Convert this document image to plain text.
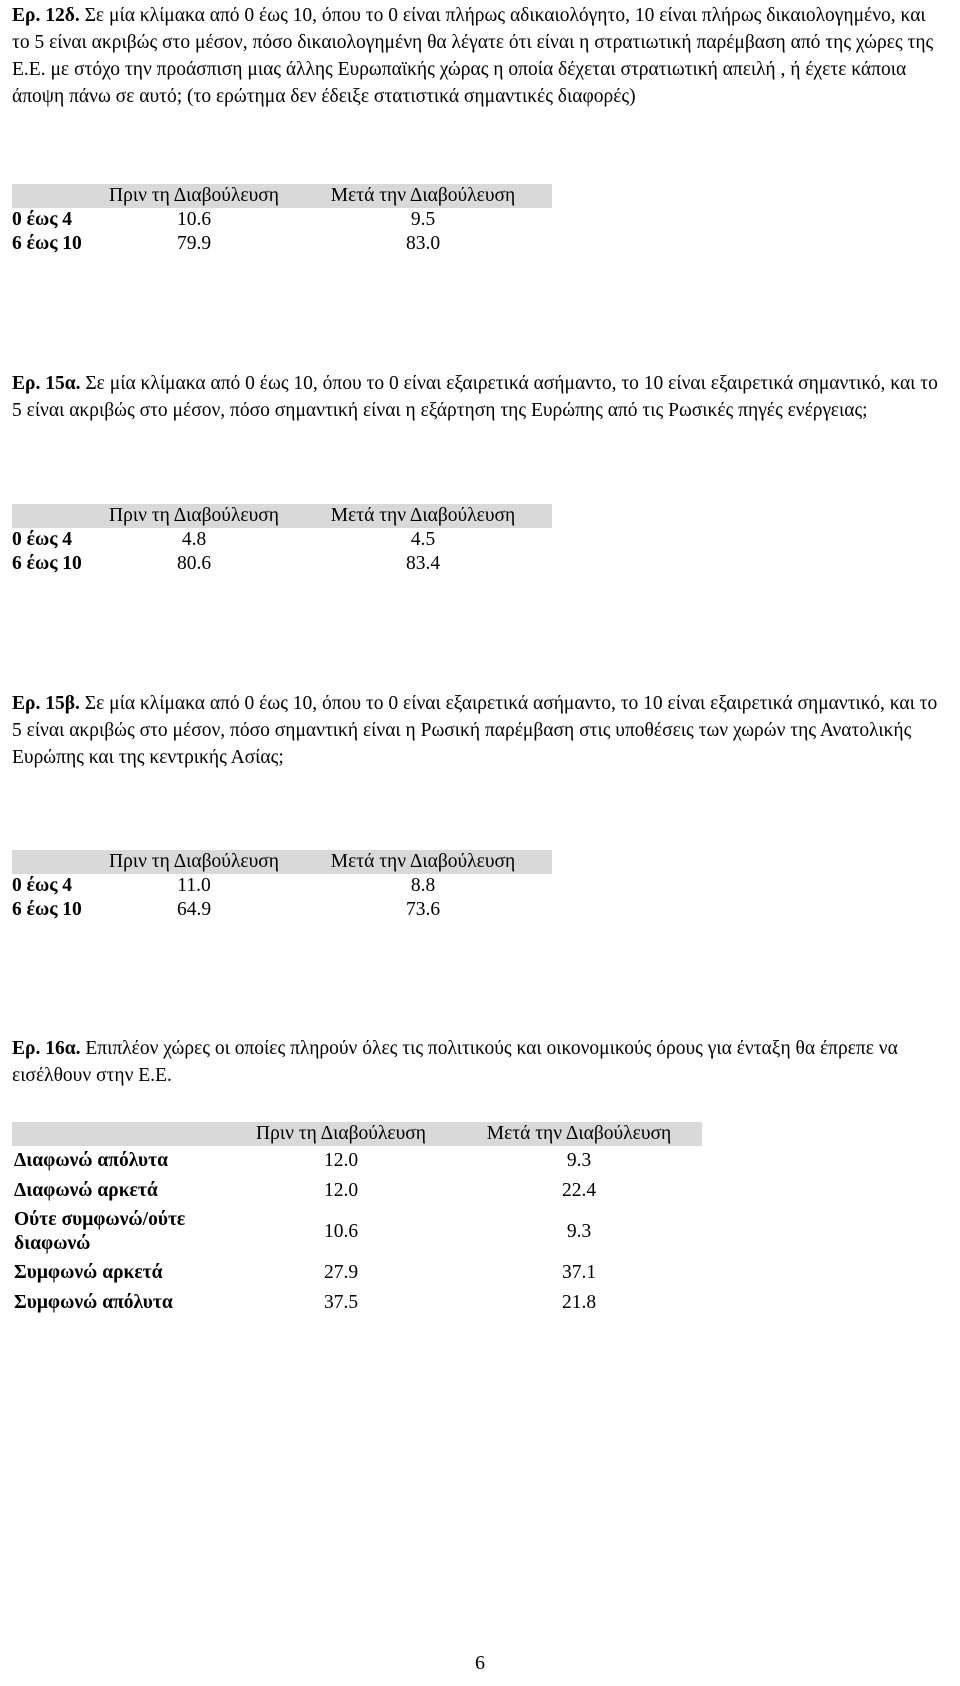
Ερ. 12δ. Σε μία κλίμακα από 0 έως 10, όπου το 0 είναι πλήρως αδικαιολόγητο, 10 είναι πλήρως δικαιολογημένο, και το 5 είναι ακριβώς στο μέσον, πόσο δικαιολογημένη θα λέγατε ότι είναι η στρατιωτική παρέμβαση από της χώρες της Ε.Ε. με στόχο την προάσπιση μιας άλλης Ευρωπαϊκής χώρας η οποία δέχεται στρατιωτική απειλή , ή έχετε κάποια άποψη πάνω σε αυτό; (το ερώτημα δεν έδειξε στατιστικά σημαντικές διαφορές)
	Πριν τη Διαβούλευση	Μετά την Διαβούλευση
0 έως 4	10.6	9.5
6 έως 10	79.9	83.0
Ερ. 15α. Σε μία κλίμακα από 0 έως 10, όπου το 0 είναι εξαιρετικά ασήμαντο, το 10 είναι εξαιρετικά σημαντικό, και το 5 είναι ακριβώς στο μέσον, πόσο σημαντική είναι η εξάρτηση της Ευρώπης από τις Ρωσικές πηγές ενέργειας;
	Πριν τη Διαβούλευση	Μετά την Διαβούλευση
0 έως 4	4.8	4.5
6 έως 10	80.6	83.4
Ερ. 15β. Σε μία κλίμακα από 0 έως 10, όπου το 0 είναι εξαιρετικά ασήμαντο, το 10 είναι εξαιρετικά σημαντικό, και το 5 είναι ακριβώς στο μέσον, πόσο σημαντική είναι η Ρωσική παρέμβαση στις υποθέσεις των χωρών της Ανατολικής Ευρώπης και της κεντρικής Ασίας;
	Πριν τη Διαβούλευση	Μετά την Διαβούλευση
0 έως 4	11.0	8.8
6 έως 10	64.9	73.6
Ερ. 16α. Επιπλέον χώρες οι οποίες πληρούν όλες τις πολιτικούς και οικονομικούς όρους για ένταξη θα έπρεπε να εισέλθουν στην Ε.Ε.
	Πριν τη Διαβούλευση	Μετά την Διαβούλευση
Διαφωνώ απόλυτα	12.0	9.3
Διαφωνώ αρκετά	12.0	22.4
Ούτε συμφωνώ/ούτε διαφωνώ	10.6	9.3
Συμφωνώ αρκετά	27.9	37.1
Συμφωνώ απόλυτα	37.5	21.8
6
